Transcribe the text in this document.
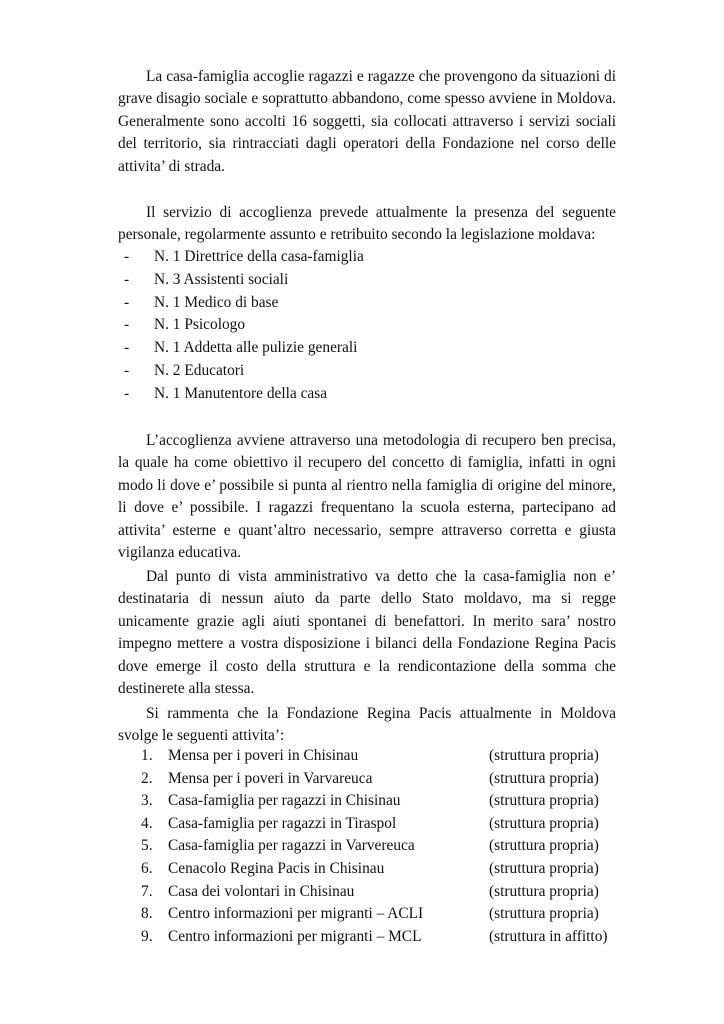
La casa-famiglia accoglie ragazzi e ragazze che provengono da situazioni di grave disagio sociale e soprattutto abbandono, come spesso avviene in Moldova. Generalmente sono accolti 16 soggetti, sia collocati attraverso i servizi sociali del territorio, sia rintracciati dagli operatori della Fondazione nel corso delle attivita’ di strada.

Il servizio di accoglienza prevede attualmente la presenza del seguente personale, regolarmente assunto e retribuito secondo la legislazione moldava:

- N. 1 Direttrice della casa-famiglia
- N. 3 Assistenti sociali
- N. 1 Medico di base
- N. 1 Psicologo
- N. 1 Addetta alle pulizie generali
- N. 2 Educatori
- N. 1 Manutentore della casa

L’accoglienza avviene attraverso una metodologia di recupero ben precisa, la quale ha come obiettivo il recupero del concetto di famiglia, infatti in ogni modo li dove e’ possibile si punta al rientro nella famiglia di origine del minore, li dove e’ possibile. I ragazzi frequentano la scuola esterna, partecipano ad attivita’ esterne e quant’altro necessario, sempre attraverso corretta e giusta vigilanza educativa.

Dal punto di vista amministrativo va detto che la casa-famiglia non e’ destinataria di nessun aiuto da parte dello Stato moldavo, ma si regge unicamente grazie agli aiuti spontanei di benefattori. In merito sara’ nostro impegno mettere a vostra disposizione i bilanci della Fondazione Regina Pacis dove emerge il costo della struttura e la rendicontazione della somma che destinerete alla stessa.

Si rammenta che la Fondazione Regina Pacis attualmente in Moldova svolge le seguenti attivita’:

1. Mensa per i poveri in Chisinau	(struttura propria)
2. Mensa per i poveri in Varvareuca	(struttura propria)
3. Casa-famiglia per ragazzi in Chisinau	(struttura propria)
4. Casa-famiglia per ragazzi in Tiraspol	(struttura propria)
5. Casa-famiglia per ragazzi in Varvereuca	(struttura propria)
6. Cenacolo Regina Pacis in Chisinau	(struttura propria)
7. Casa dei volontari in Chisinau	(struttura propria)
8. Centro informazioni per migranti – ACLI	(struttura propria)
9. Centro informazioni per migranti – MCL	(struttura in affitto)
